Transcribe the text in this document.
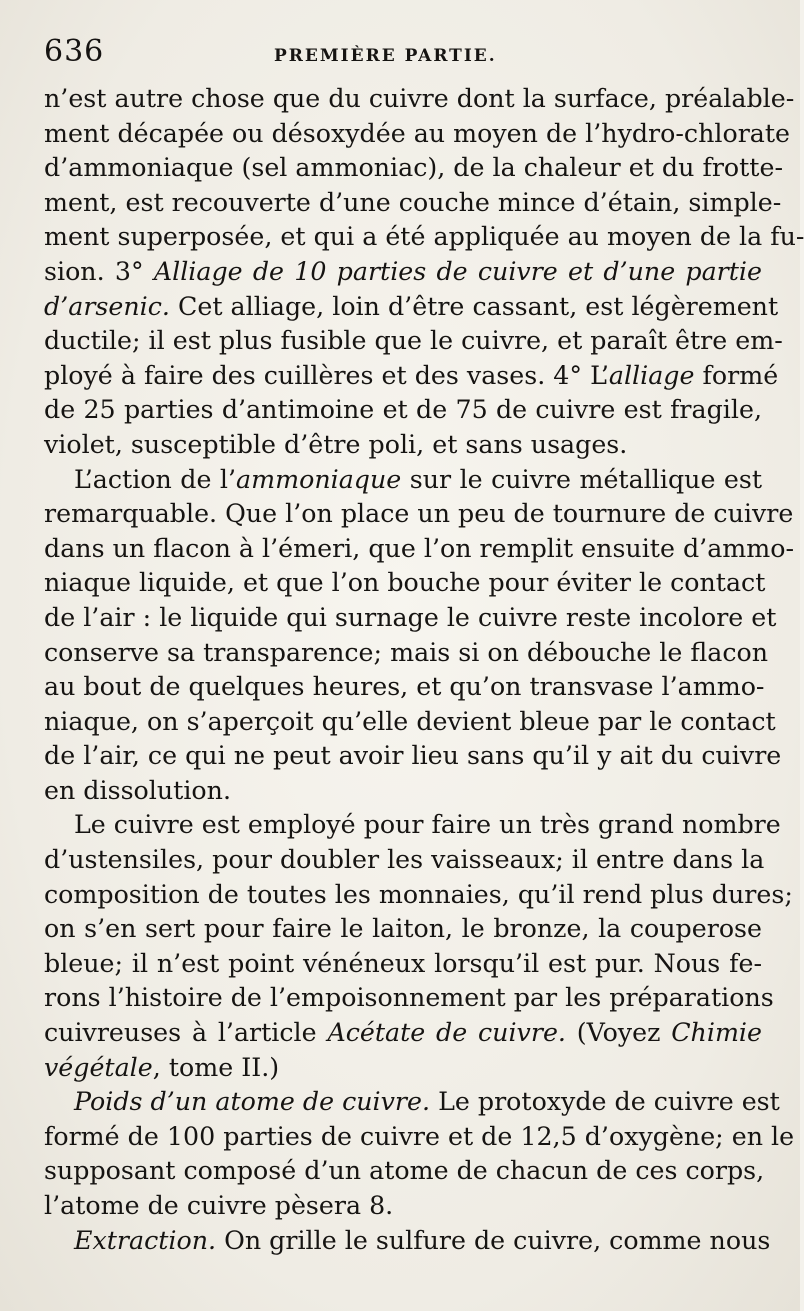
636	PREMIÈRE PARTIE.
n’est autre chose que du cuivre dont la surface, préalable-
ment décapée ou désoxydée au moyen de l’hydro-chlorate
d’ammoniaque (sel ammoniac), de la chaleur et du frotte-
ment, est recouverte d’une couche mince d’étain, simple-
ment superposée, et qui a été appliquée au moyen de la fu-
sion. 3° Alliage de 10 parties de cuivre et d’une partie
d’arsenic. Cet alliage, loin d’être cassant, est légèrement
ductile; il est plus fusible que le cuivre, et paraît être em-
ployé à faire des cuillères et des vases. 4° L’alliage formé
de 25 parties d’antimoine et de 75 de cuivre est fragile,
violet, susceptible d’être poli, et sans usages.
L’action de l’ammoniaque sur le cuivre métallique est
remarquable. Que l’on place un peu de tournure de cuivre
dans un flacon à l’émeri, que l’on remplit ensuite d’ammo-
niaque liquide, et que l’on bouche pour éviter le contact
de l’air : le liquide qui surnage le cuivre reste incolore et
conserve sa transparence; mais si on débouche le flacon
au bout de quelques heures, et qu’on transvase l’ammo-
niaque, on s’aperçoit qu’elle devient bleue par le contact
de l’air, ce qui ne peut avoir lieu sans qu’il y ait du cuivre
en dissolution.
Le cuivre est employé pour faire un très grand nombre
d’ustensiles, pour doubler les vaisseaux; il entre dans la
composition de toutes les monnaies, qu’il rend plus dures;
on s’en sert pour faire le laiton, le bronze, la couperose
bleue; il n’est point vénéneux lorsqu’il est pur. Nous fe-
rons l’histoire de l’empoisonnement par les préparations
cuivreuses à l’article Acétate de cuivre. (Voyez Chimie
végétale, tome II.)
Poids d’un atome de cuivre. Le protoxyde de cuivre est
formé de 100 parties de cuivre et de 12,5 d’oxygène; en le
supposant composé d’un atome de chacun de ces corps,
l’atome de cuivre pèsera 8.
Extraction. On grille le sulfure de cuivre, comme nous
